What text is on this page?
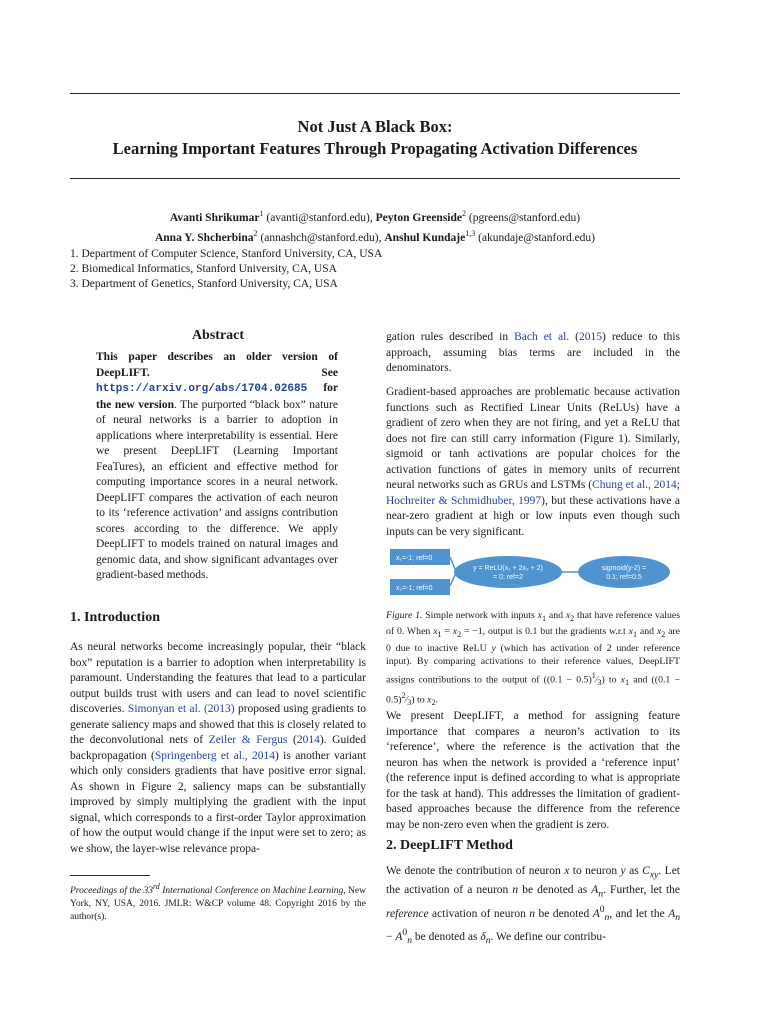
Not Just A Black Box:
Learning Important Features Through Propagating Activation Differences
Avanti Shrikumar$^1$ (avanti@stanford.edu), Peyton Greenside$^2$ (pgreens@stanford.edu)
Anna Y. Shcherbina$^2$ (annashch@stanford.edu), Anshul Kundaje$^{1,3}$ (akundaje@stanford.edu)
1. Department of Computer Science, Stanford University, CA, USA
2. Biomedical Informatics, Stanford University, CA, USA
3. Department of Genetics, Stanford University, CA, USA
Abstract
This paper describes an older version of DeepLIFT. See https://arxiv.org/abs/1704.02685 for the new version. The purported “black box” nature of neural networks is a barrier to adoption in applications where interpretability is essential. Here we present DeepLIFT (Learning Important FeaTures), an efficient and effective method for computing importance scores in a neural network. DeepLIFT compares the activation of each neuron to its ‘reference activation’ and assigns contribution scores according to the difference. We apply DeepLIFT to models trained on natural images and genomic data, and show significant advantages over gradient-based methods.
1. Introduction
As neural networks become increasingly popular, their “black box” reputation is a barrier to adoption when interpretability is paramount. Understanding the features that lead to a particular output builds trust with users and can lead to novel scientific discoveries. Simonyan et al. (2013) proposed using gradients to generate saliency maps and showed that this is closely related to the deconvolutional nets of Zeiler & Fergus (2014). Guided backpropagation (Springenberg et al., 2014) is another variant which only considers gradients that have positive error signal. As shown in Figure 2, saliency maps can be substantially improved by simply multiplying the gradient with the input signal, which corresponds to a first-order Taylor approximation of how the output would change if the input were set to zero; as we show, the layer-wise relevance propa-
Proceedings of the 33rd International Conference on Machine Learning, New York, NY, USA, 2016. JMLR: W&CP volume 48. Copyright 2016 by the author(s).
gation rules described in Bach et al. (2015) reduce to this approach, assuming bias terms are included in the denominators.
Gradient-based approaches are problematic because activation functions such as Rectified Linear Units (ReLUs) have a gradient of zero when they are not firing, and yet a ReLU that does not fire can still carry information (Figure 1). Similarly, sigmoid or tanh activations are popular choices for the activation functions of gates in memory units of recurrent neural networks such as GRUs and LSTMs (Chung et al., 2014; Hochreiter & Schmidhuber, 1997), but these activations have a near-zero gradient at high or low inputs even though such inputs can be very significant.
x₁=-1; ref=0
x₂=-1; ref=0
y = ReLU(x₁ + 2x₂ + 2)
= 0; ref=2
sigmoid(y-2) =
0.1; ref=0.5
Figure 1. Simple network with inputs $x_1$ and $x_2$ that have reference values of 0. When $x_1 = x_2 = -1$, output is 0.1 but the gradients w.r.t $x_1$ and $x_2$ are 0 due to inactive ReLU y (which has activation of 2 under reference input). By comparing activations to their reference values, DeepLIFT assigns contributions to the output of $((0.1 - 0.5)^1⁄_3)$ to $x_1$ and $((0.1 - 0.5)^2⁄_3)$ to $x_2$.
We present DeepLIFT, a method for assigning feature importance that compares a neuron’s activation to its ‘reference’, where the reference is the activation that the neuron has when the network is provided a ‘reference input’ (the reference input is defined according to what is appropriate for the task at hand). This addresses the limitation of gradient-based approaches because the difference from the reference may be non-zero even when the gradient is zero.
2. DeepLIFT Method
We denote the contribution of neuron x to neuron y as $C_{xy}$. Let the activation of a neuron n be denoted as $A_n$. Further, let the reference activation of neuron n be denoted $A^0_n$, and let the $A_n - A^0_n$ be denoted as $\delta_n$. We define our contribu-
